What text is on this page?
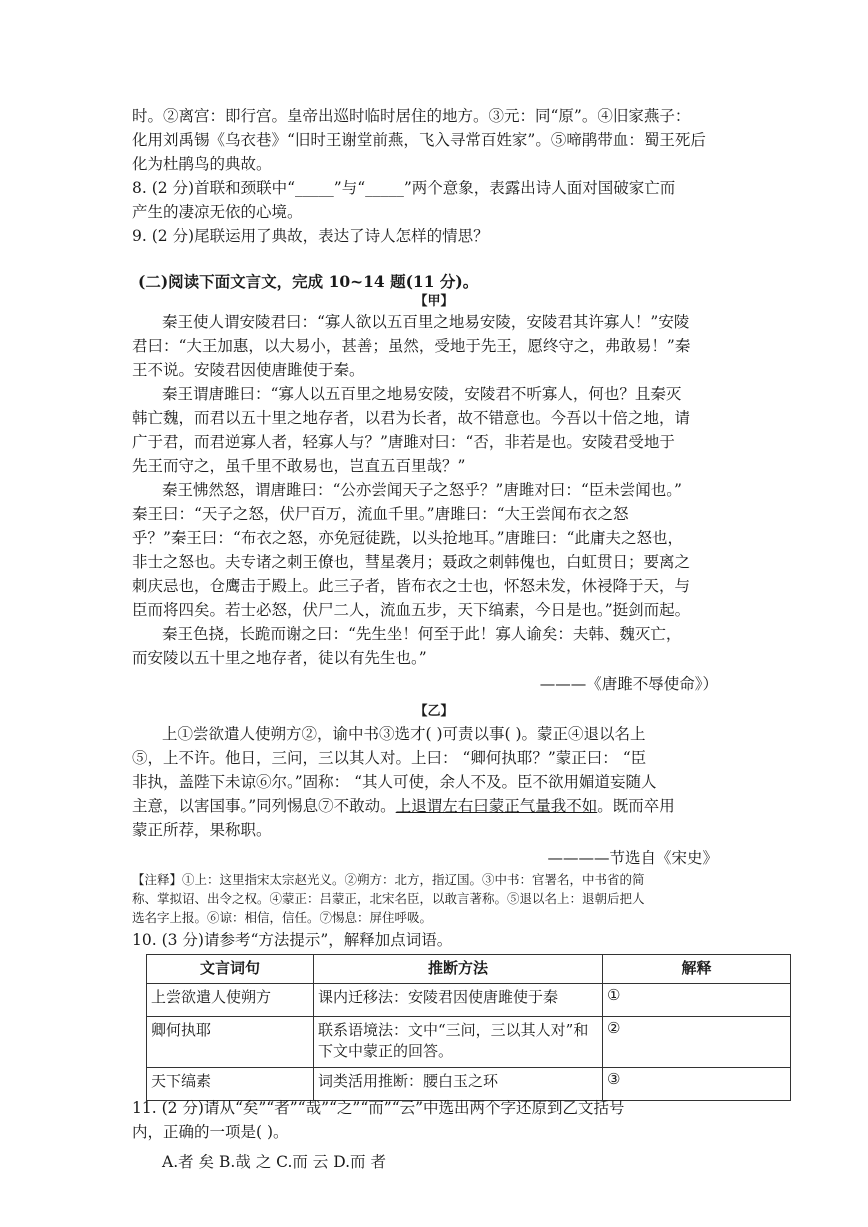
时。②离宫：即行宫。皇帝出巡时临时居住的地方。③元：同“原”。④旧家燕子：
化用刘禹锡《乌衣巷》“旧时王谢堂前燕，飞入寻常百姓家”。⑤啼鹃带血：蜀王死后
化为杜鹃鸟的典故。
8. (2 分)首联和颈联中“_____”与“_____”两个意象，表露出诗人面对国破家亡而
产生的凄凉无依的心境。
9. (2 分)尾联运用了典故，表达了诗人怎样的情思？
(二)阅读下面文言文，完成 10~14 题(11 分)。
【甲】
秦王使人谓安陵君曰：“寡人欲以五百里之地易安陵，安陵君其许寡人！”安陵
君曰：“大王加惠，以大易小，甚善；虽然，受地于先王，愿终守之，弗敢易！”秦
王不说。安陵君因使唐雎使于秦。
秦王谓唐雎曰：“寡人以五百里之地易安陵，安陵君不听寡人，何也？且秦灭
韩亡魏，而君以五十里之地存者，以君为长者，故不错意也。今吾以十倍之地，请
广于君，而君逆寡人者，轻寡人与？”唐雎对曰：“否，非若是也。安陵君受地于
先王而守之，虽千里不敢易也，岂直五百里哉？”
秦王怫然怒，谓唐雎曰：“公亦尝闻天子之怒乎？”唐雎对曰：“臣未尝闻也。”
秦王曰：“天子之怒，伏尸百万，流血千里。”唐雎曰：“大王尝闻布衣之怒
乎？”秦王曰：“布衣之怒，亦免冠徒跣，以头抢地耳。”唐雎曰：“此庸夫之怒也，
非士之怒也。夫专诸之刺王僚也，彗星袭月；聂政之刺韩傀也，白虹贯日；要离之
刺庆忌也，仓鹰击于殿上。此三子者，皆布衣之士也，怀怒未发，休祲降于天，与
臣而将四矣。若士必怒，伏尸二人，流血五步，天下缟素，今日是也。”挺剑而起。
秦王色挠，长跪而谢之曰：“先生坐！何至于此！寡人谕矣：夫韩、魏灭亡，
而安陵以五十里之地存者，徒以有先生也。”
———《唐雎不辱使命》）
【乙】
上①尝欲遣人使朔方②，谕中书③选才( )可责以事( )。蒙正④退以名上
⑤，上不许。他日，三问，三以其人对。上曰： “卿何执耶？”蒙正曰： “臣
非执，盖陛下未谅⑥尔。”固称： “其人可使，余人不及。臣不欲用媚道妄随人
主意，以害国事。”同列惕息⑦不敢动。上退谓左右曰蒙正气量我不如。既而卒用
蒙正所荐，果称职。
————节选自《宋史》
【注释】①上：这里指宋太宗赵光义。②朔方：北方，指辽国。③中书：官署名，中书省的简
称、掌拟诏、出令之权。④蒙正：吕蒙正，北宋名臣，以敢言著称。⑤退以名上：退朝后把人
选名字上报。⑥谅：相信，信任。⑦惕息：屏住呼吸。
10. (3 分)请参考“方法提示”，解释加点词语。
文言词句	推断方法	解释
上尝欲遣人使朔方	课内迁移法：安陵君因使唐雎使于秦	①
卿何执耶	联系语境法：文中“三问，三以其人对”和下文中蒙正的回答。	②
天下缟素	词类活用推断：腰白玉之环	③
11. (2 分)请从“矣”“者”“哉”“之”“而”“云”中选出两个字还原到乙文括号
内，正确的一项是( )。
A.者 矣 B.哉 之 C.而 云 D.而 者
